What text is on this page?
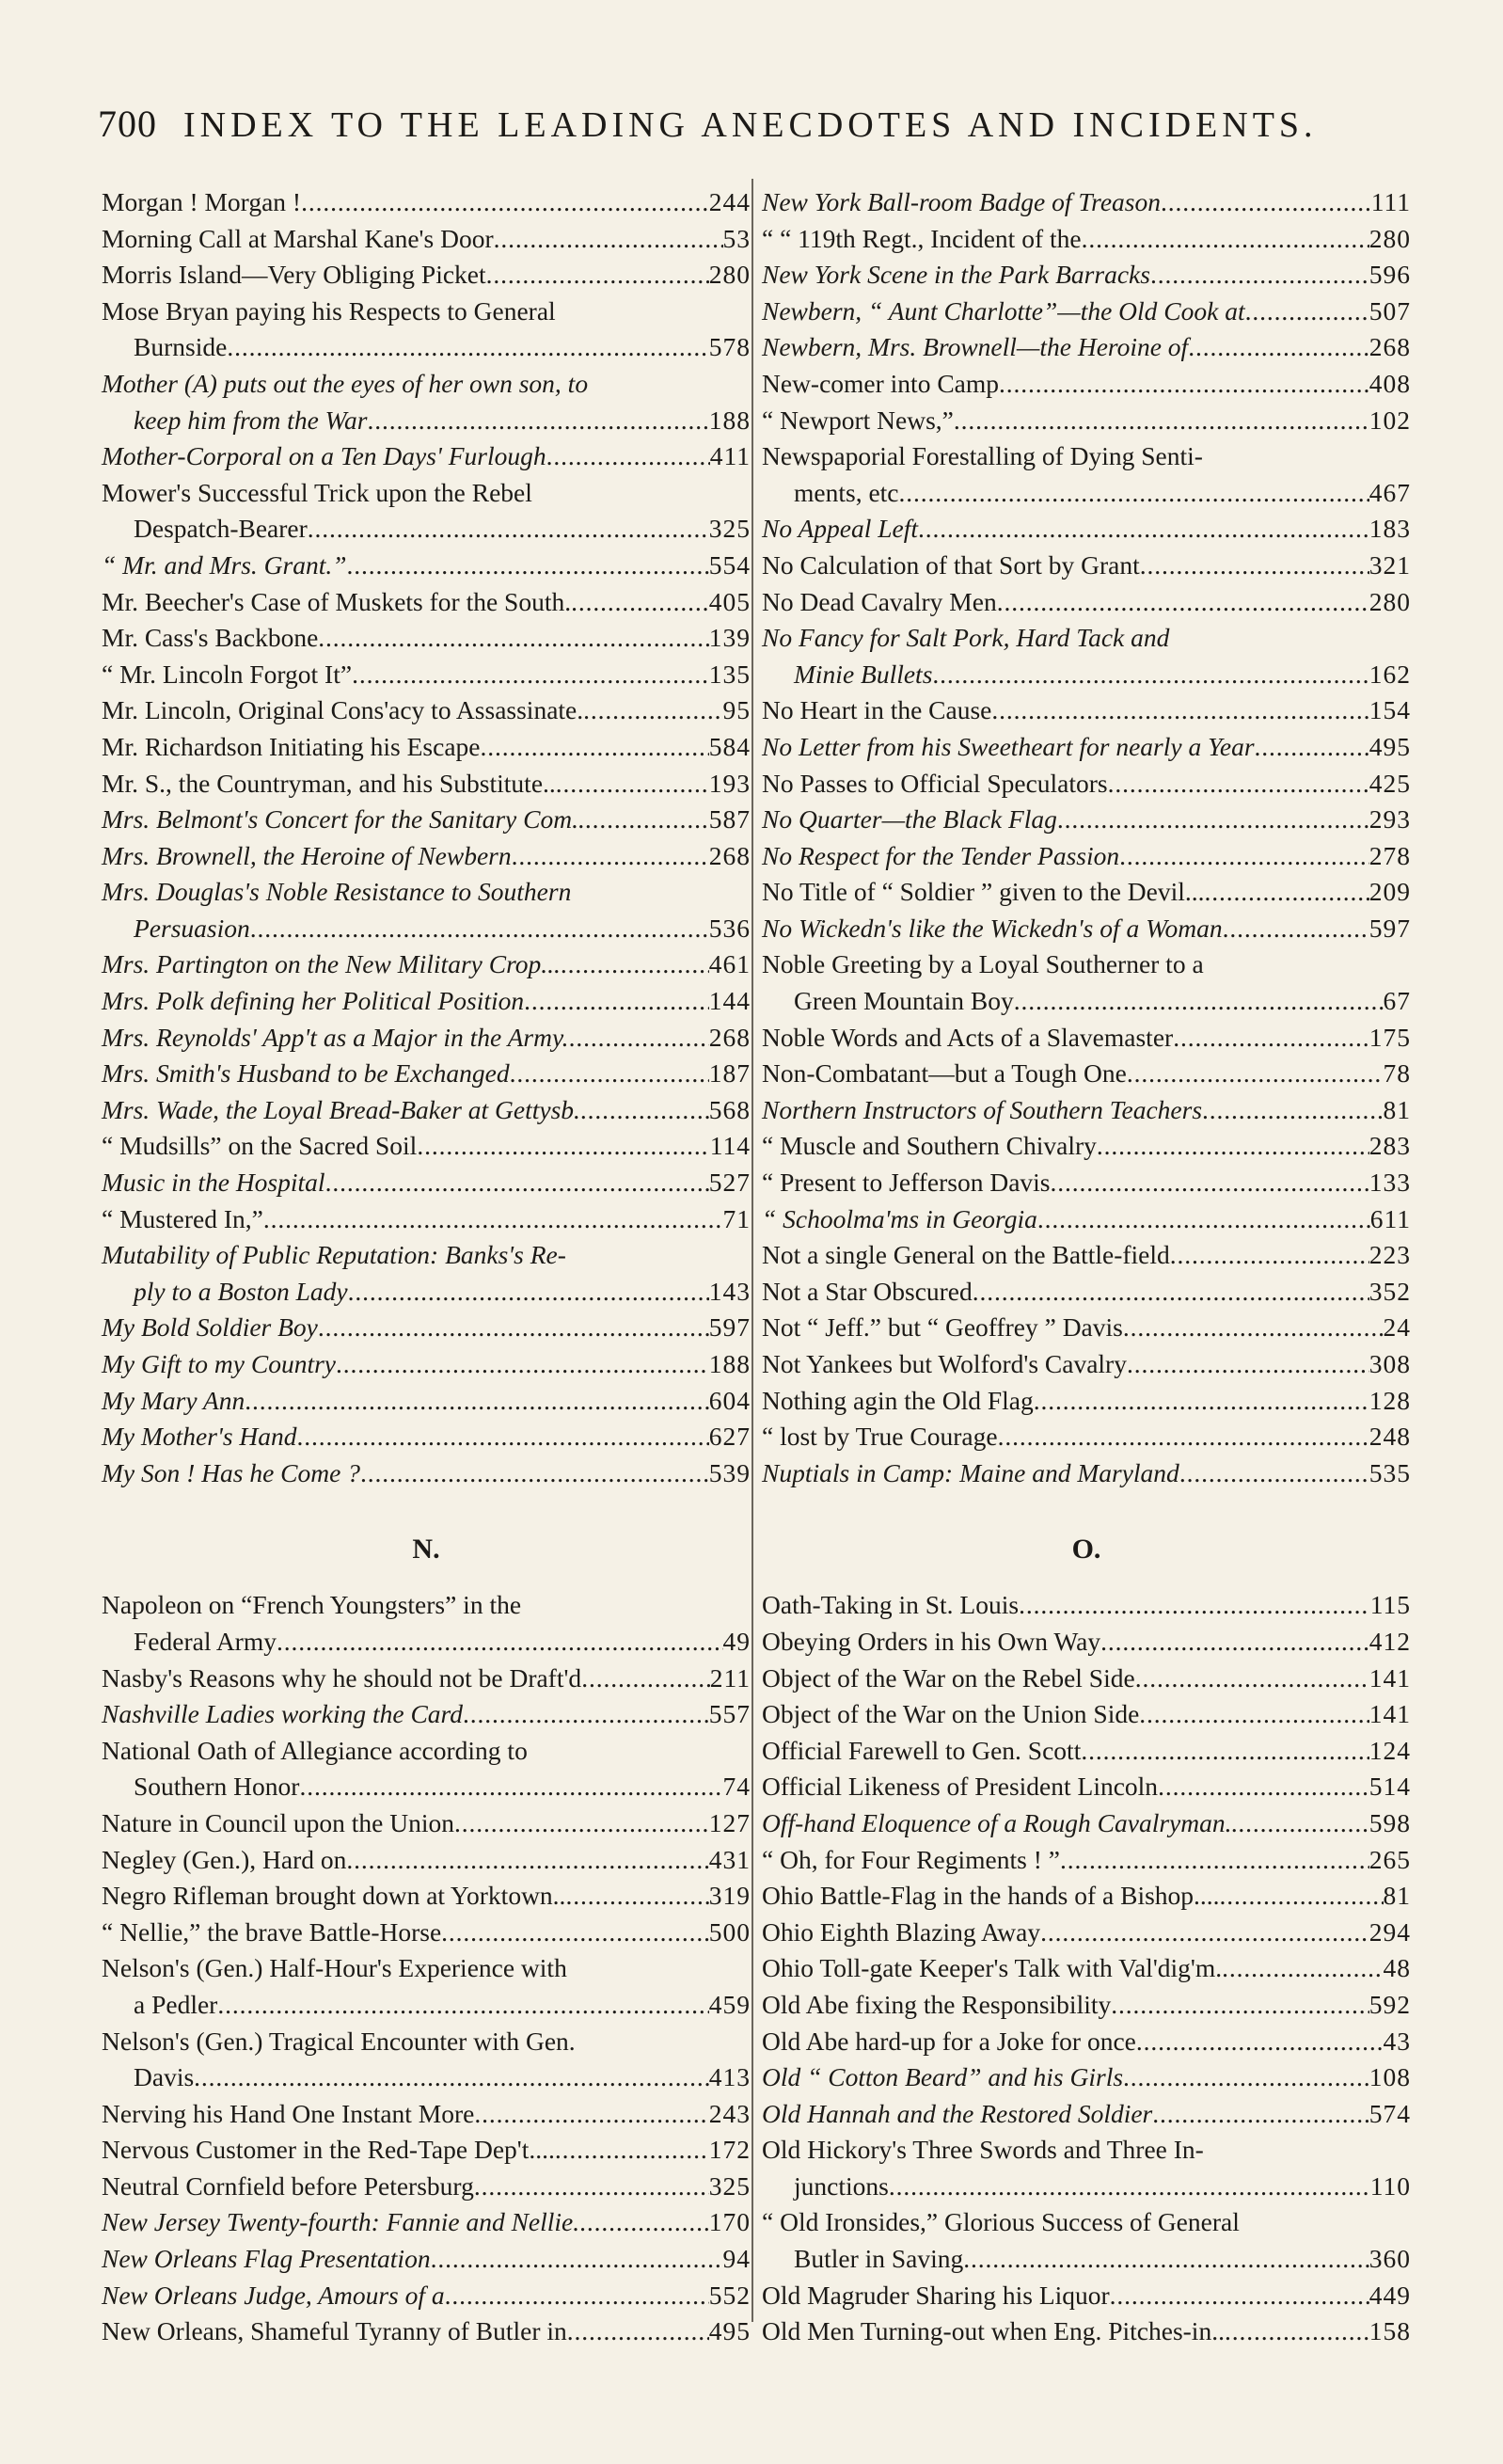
700 INDEX TO THE LEADING ANECDOTES AND INCIDENTS.
Morgan ! Morgan ! . . .	244
Morning Call at Marshal Kane's Door . . .	53
Morris Island—Very Obliging Picket . . .	280
Mose Bryan paying his Respects to General
Burnside . . .	578
Mother (A) puts out the eyes of her own son, to
keep him from the War . . .	188
Mother-Corporal on a Ten Days' Furlough . . .	411
Mower's Successful Trick upon the Rebel
Despatch-Bearer . . .	325
“ Mr. and Mrs. Grant.” . . .	554
Mr. Beecher's Case of Muskets for the South. . . .	405
Mr. Cass's Backbone . . .	139
“ Mr. Lincoln Forgot It” . . .	135
Mr. Lincoln, Original Cons'acy to Assassinate. . . .	95
Mr. Richardson Initiating his Escape . . .	584
Mr. S., the Countryman, and his Substitute.. . . .	193
Mrs. Belmont's Concert for the Sanitary Com.. . . .	587
Mrs. Brownell, the Heroine of Newbern . . .	268
Mrs. Douglas's Noble Resistance to Southern
Persuasion . . .	536
Mrs. Partington on the New Military Crop... . . .	461
Mrs. Polk defining her Political Position . . .	144
Mrs. Reynolds' App't as a Major in the Army. . . .	268
Mrs. Smith's Husband to be Exchanged . . .	187
Mrs. Wade, the Loyal Bread-Baker at Gettysb. . . .	568
“ Mudsills” on the Sacred Soil . . .	114
Music in the Hospital . . .	527
“ Mustered In,” . . .	71
Mutability of Public Reputation: Banks's Re-
ply to a Boston Lady . . .	143
My Bold Soldier Boy . . .	597
My Gift to my Country . . .	188
My Mary Ann . . .	604
My Mother's Hand . . .	627
My Son ! Has he Come ? . . .	539
N.
Napoleon on “French Youngsters” in the
Federal Army . . .	49
Nasby's Reasons why he should not be Draft'd . . .	211
Nashville Ladies working the Card . . .	557
National Oath of Allegiance according to
Southern Honor . . .	74
Nature in Council upon the Union . . .	127
Negley (Gen.), Hard on . . .	431
Negro Rifleman brought down at Yorktown.. . . .	319
“ Nellie,” the brave Battle-Horse . . .	500
Nelson's (Gen.) Half-Hour's Experience with
a Pedler . . .	459
Nelson's (Gen.) Tragical Encounter with Gen.
Davis . . .	413
Nerving his Hand One Instant More . . .	243
Nervous Customer in the Red-Tape Dep't.... . . .	172
Neutral Cornfield before Petersburg . . .	325
New Jersey Twenty-fourth: Fannie and Nellie. . . .	170
New Orleans Flag Presentation . . .	94
New Orleans Judge, Amours of a . . .	552
New Orleans, Shameful Tyranny of Butler in . . .	495
New York Ball-room Badge of Treason . . .	111
“ “ 119th Regt., Incident of the . . .	280
New York Scene in the Park Barracks . . .	596
Newbern, “ Aunt Charlotte”—the Old Cook at . . .	507
Newbern, Mrs. Brownell—the Heroine of . . .	268
New-comer into Camp . . .	408
“ Newport News,” . . .	102
Newspaporial Forestalling of Dying Senti-
ments, etc . . .	467
No Appeal Left . . .	183
No Calculation of that Sort by Grant . . .	321
No Dead Cavalry Men . . .	280
No Fancy for Salt Pork, Hard Tack and
Minie Bullets . . .	162
No Heart in the Cause . . .	154
No Letter from his Sweetheart for nearly a Year . . .	495
No Passes to Official Speculators . . .	425
No Quarter—the Black Flag . . .	293
No Respect for the Tender Passion . . .	278
No Title of “ Soldier ” given to the Devil... . . .	209
No Wickedn's like the Wickedn's of a Woman . . .	597
Noble Greeting by a Loyal Southerner to a
Green Mountain Boy . . .	67
Noble Words and Acts of a Slavemaster . . .	175
Non-Combatant—but a Tough One . . .	78
Northern Instructors of Southern Teachers . . .	81
“ Muscle and Southern Chivalry . . .	283
“ Present to Jefferson Davis . . .	133
“ Schoolma'ms in Georgia . . .	611
Not a single General on the Battle-field . . .	223
Not a Star Obscured . . .	352
Not “ Jeff.” but “ Geoffrey ” Davis . . .	24
Not Yankees but Wolford's Cavalry . . .	308
Nothing agin the Old Flag . . .	128
“ lost by True Courage . . .	248
Nuptials in Camp: Maine and Maryland . . .	535
O.
Oath-Taking in St. Louis . . .	115
Obeying Orders in his Own Way . . .	412
Object of the War on the Rebel Side . . .	141
Object of the War on the Union Side . . .	141
Official Farewell to Gen. Scott . . .	124
Official Likeness of President Lincoln . . .	514
Off-hand Eloquence of a Rough Cavalryman.. . . .	598
“ Oh, for Four Regiments ! ” . . .	265
Ohio Battle-Flag in the hands of a Bishop.... . . .	81
Ohio Eighth Blazing Away . . .	294
Ohio Toll-gate Keeper's Talk with Val'dig'm. . . .	48
Old Abe fixing the Responsibility . . .	592
Old Abe hard-up for a Joke for once . . .	43
Old “ Cotton Beard” and his Girls . . .	108
Old Hannah and the Restored Soldier . . .	574
Old Hickory's Three Swords and Three In-
junctions . . .	110
“ Old Ironsides,” Glorious Success of General
Butler in Saving . . .	360
Old Magruder Sharing his Liquor . . .	449
Old Men Turning-out when Eng. Pitches-in.. . . .	158
